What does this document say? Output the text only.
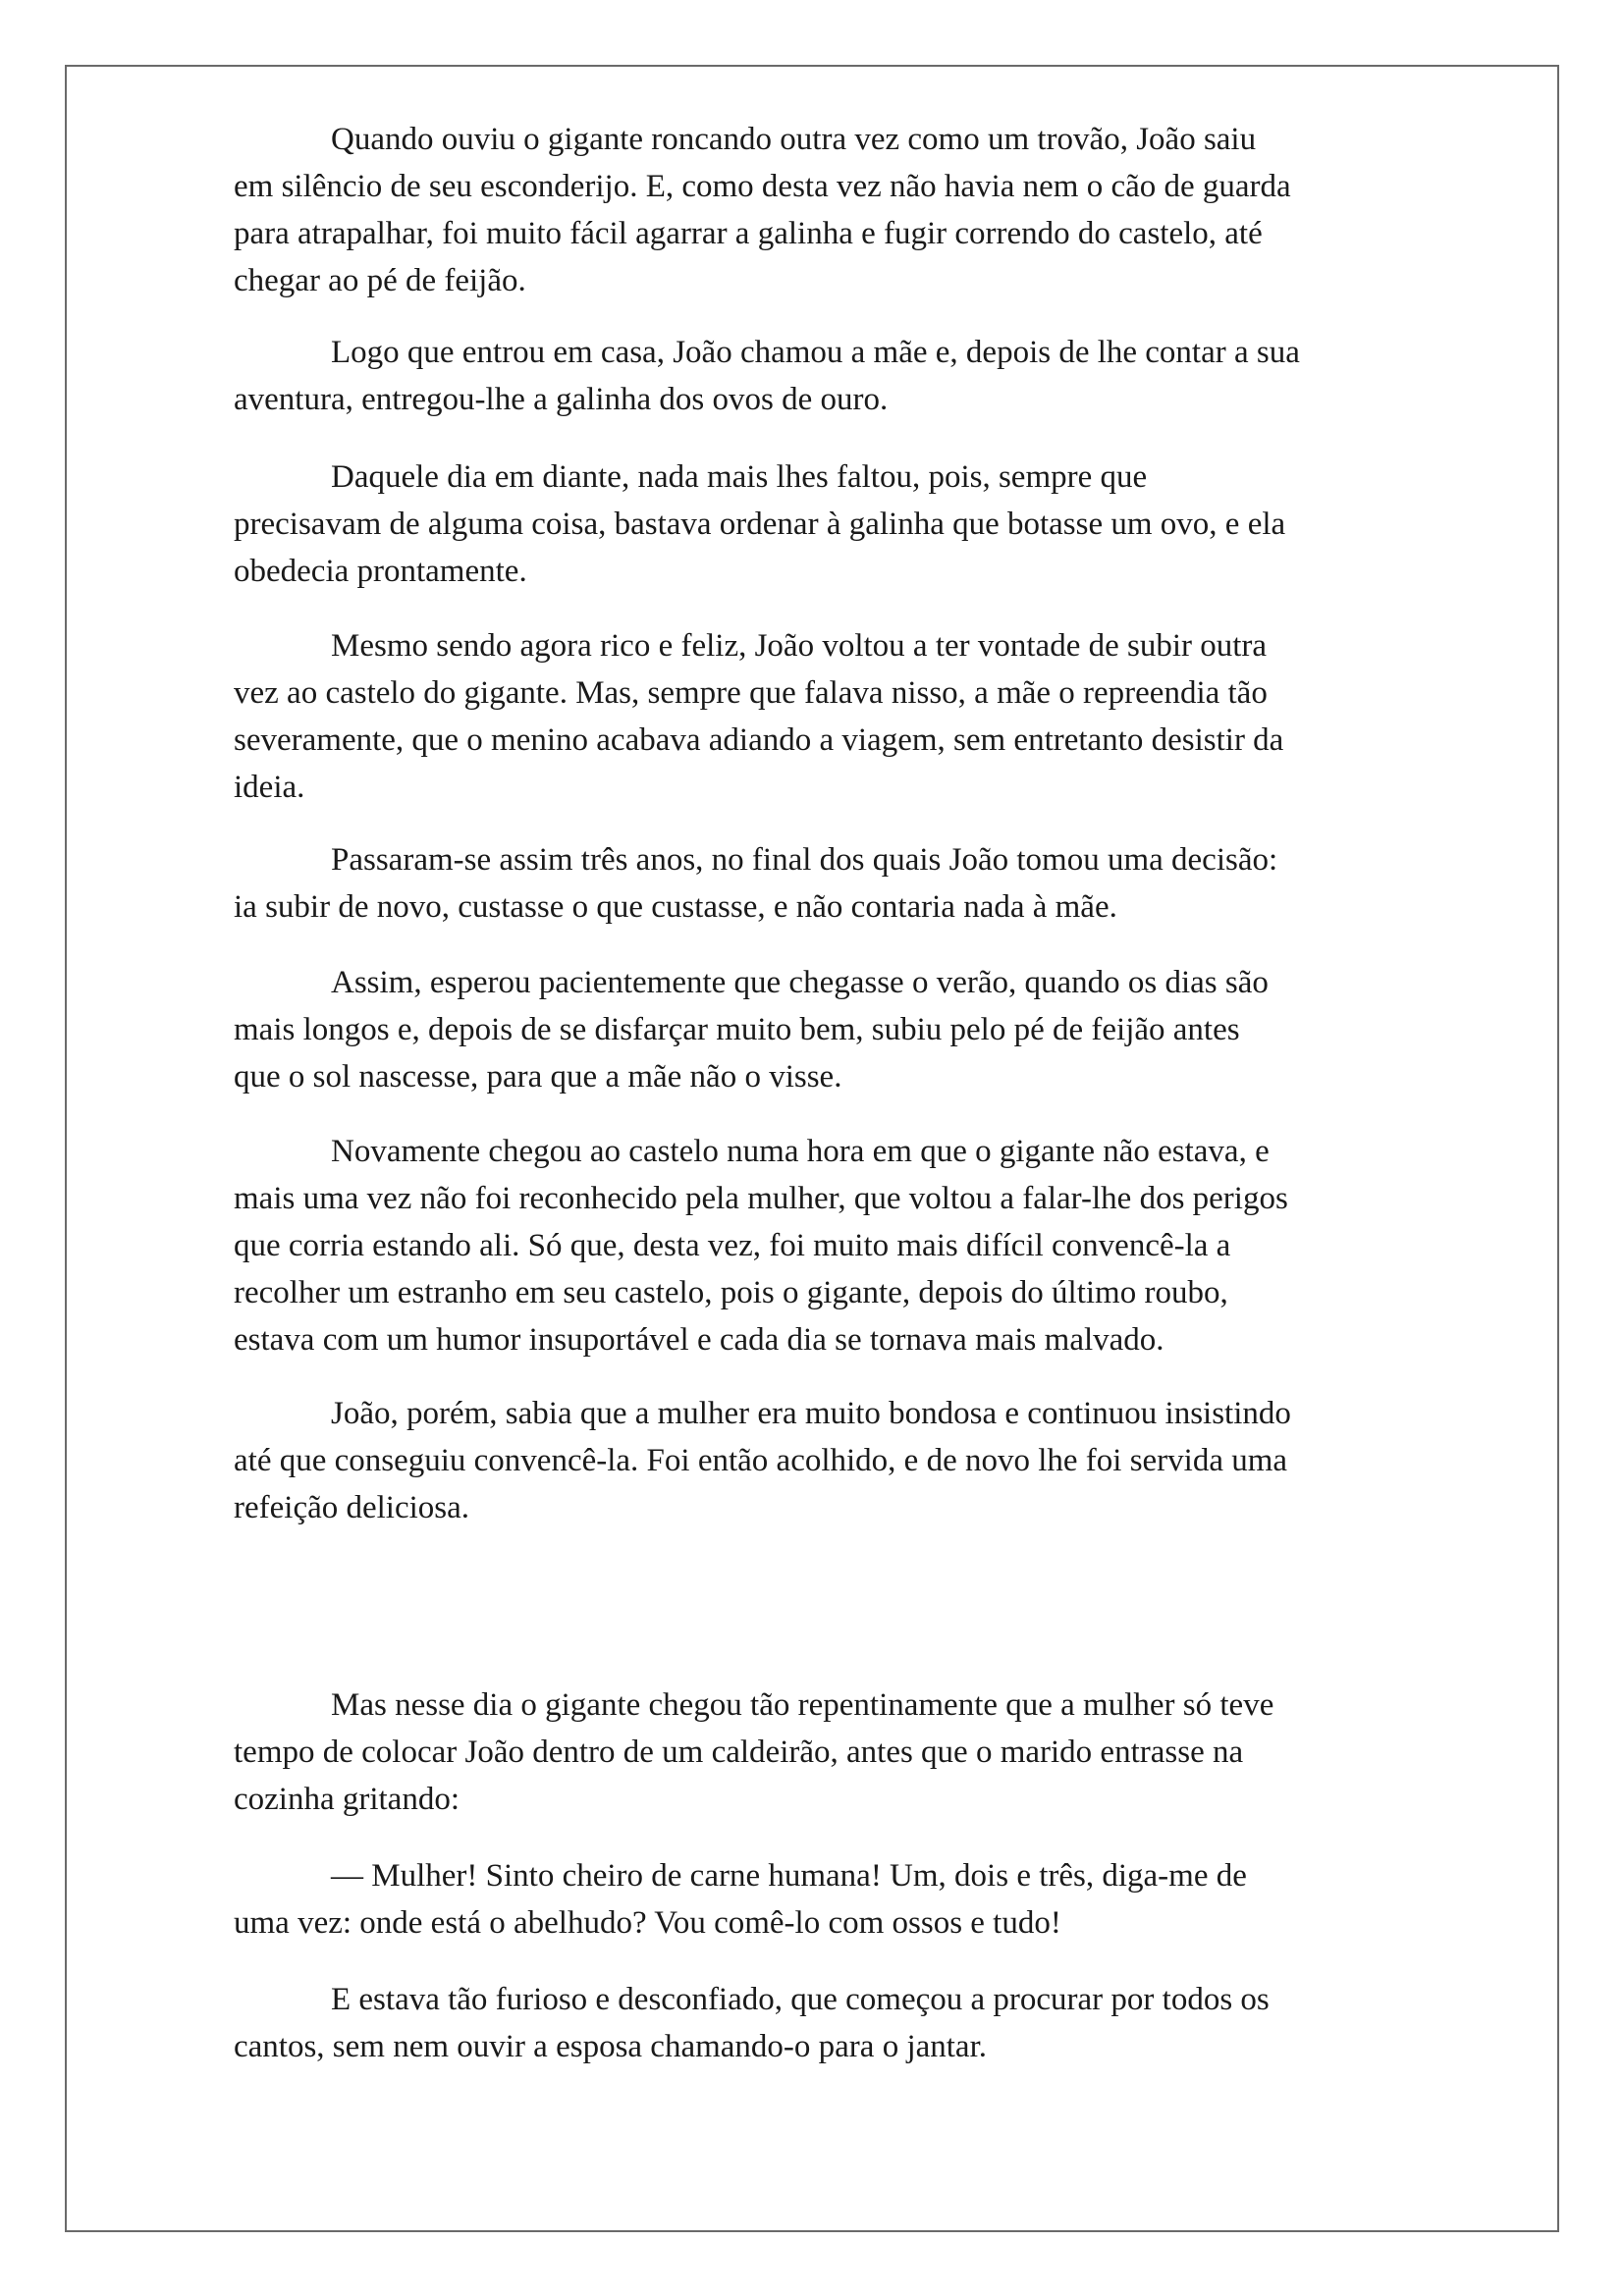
Quando ouviu o gigante roncando outra vez como um trovão, João saiu
em silêncio de seu esconderijo. E, como desta vez não havia nem o cão de guarda
para atrapalhar, foi muito fácil agarrar a galinha e fugir correndo do castelo, até
chegar ao pé de feijão.

Logo que entrou em casa, João chamou a mãe e, depois de lhe contar a sua
aventura, entregou-lhe a galinha dos ovos de ouro.

Daquele dia em diante, nada mais lhes faltou, pois, sempre que
precisavam de alguma coisa, bastava ordenar à galinha que botasse um ovo, e ela
obedecia prontamente.

Mesmo sendo agora rico e feliz, João voltou a ter vontade de subir outra
vez ao castelo do gigante. Mas, sempre que falava nisso, a mãe o repreendia tão
severamente, que o menino acabava adiando a viagem, sem entretanto desistir da
ideia.

Passaram-se assim três anos, no final dos quais João tomou uma decisão:
ia subir de novo, custasse o que custasse, e não contaria nada à mãe.

Assim, esperou pacientemente que chegasse o verão, quando os dias são
mais longos e, depois de se disfarçar muito bem, subiu pelo pé de feijão antes
que o sol nascesse, para que a mãe não o visse.

Novamente chegou ao castelo numa hora em que o gigante não estava, e
mais uma vez não foi reconhecido pela mulher, que voltou a falar-lhe dos perigos
que corria estando ali. Só que, desta vez, foi muito mais difícil convencê-la a
recolher um estranho em seu castelo, pois o gigante, depois do último roubo,
estava com um humor insuportável e cada dia se tornava mais malvado.

João, porém, sabia que a mulher era muito bondosa e continuou insistindo
até que conseguiu convencê-la. Foi então acolhido, e de novo lhe foi servida uma
refeição deliciosa.

Mas nesse dia o gigante chegou tão repentinamente que a mulher só teve
tempo de colocar João dentro de um caldeirão, antes que o marido entrasse na
cozinha gritando:

— Mulher! Sinto cheiro de carne humana! Um, dois e três, diga-me de
uma vez: onde está o abelhudo? Vou comê-lo com ossos e tudo!

E estava tão furioso e desconfiado, que começou a procurar por todos os
cantos, sem nem ouvir a esposa chamando-o para o jantar.
